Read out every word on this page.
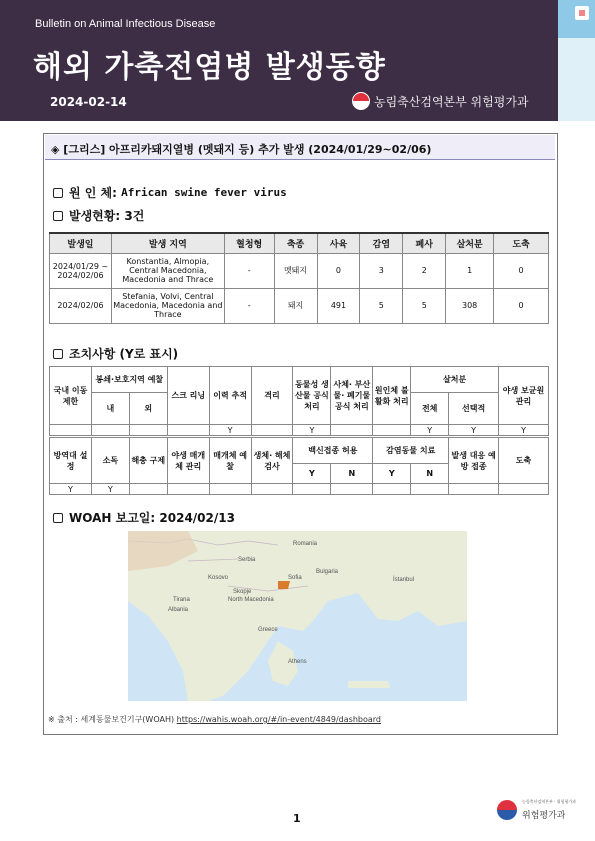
Bulletin on Animal Infectious Disease
해외 가축전염병 발생동향
2024-02-14	농림축산검역본부 위험평가과
◈ [그리스] 아프리카돼지열병 (멧돼지 등) 추가 발생 (2024/01/29~02/06)
원 인 체:
African swine fever virus
발생현황:
3건
발생일	발생 지역	혈청형	축종	사육	감염	폐사	살처분	도축
2024/01/29 ~ 2024/02/06	Konstantia, Almopia, Central Macedonia, Macedonia and Thrace	-	멧돼지	0	3	2	1	0
2024/02/06	Stefania, Volvi, Central Macedonia, Macedonia and Thrace	-	돼지	491	5	5	308	0
조치사항 (Y로 표시)
국내 이동 제한	봉쇄·보호지역 예찰		스크 리닝	이력 추적	격리	동물성 생산물 공식 처리	사체· 부산물· 폐기물 공식 처리	원인체 불활화 처리	살처분		야생 보균원 관리
	내	외							전체	선택적	
				Y		Y			Y	Y	Y
방역대 설정	소독	해충 구제	야생 매개체 관리	매개체 예찰	생체· 해체 검사	백신접종 허용		감염동물 치료		발생 대응 예방 접종	도축
						Y	N	Y	N		
Y	Y										
WOAH 보고일:
2024/02/13
Romania
Bulgaria
Sofia
Serbia
Kosovo
North Macedonia
Skopje
Albania
Tirana
Greece
Athens
İstanbul
※ 출처 : 세계동물보건기구(WOAH) https://wahis.woah.org/#/in-event/4849/dashboard
1
농림축산검역본부 · 위험평가과
위험평가과
